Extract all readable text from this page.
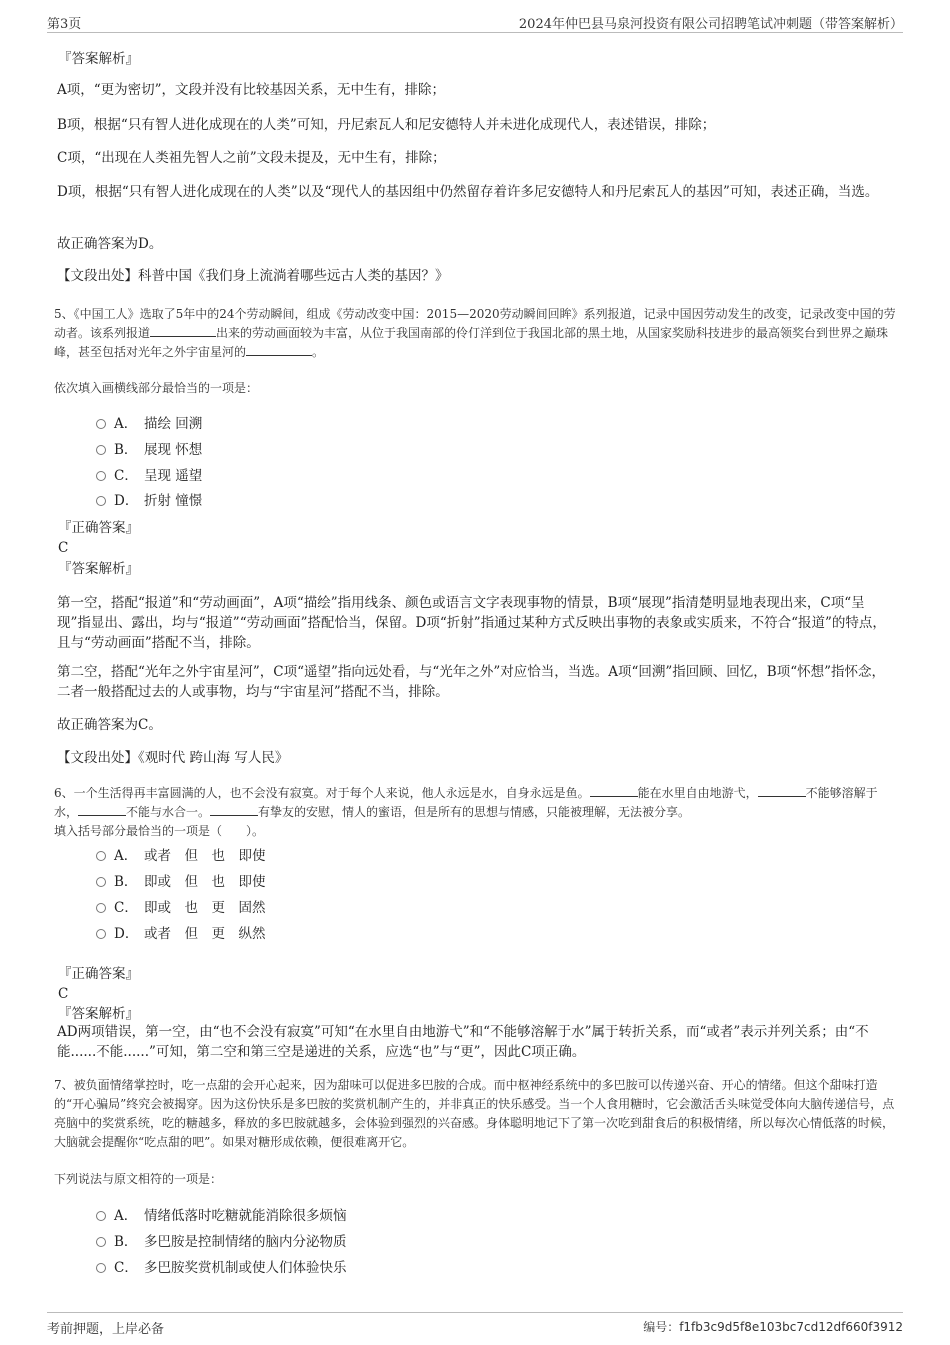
第3页	2024年仲巴县马泉河投资有限公司招聘笔试冲刺题（带答案解析）

『答案解析』

A项，“更为密切”，文段并没有比较基因关系，无中生有，排除；

B项，根据“只有智人进化成现在的人类”可知，丹尼索瓦人和尼安德特人并未进化成现代人，表述错误，排除；

C项，“出现在人类祖先智人之前”文段未提及，无中生有，排除；

D项，根据“只有智人进化成现在的人类”以及“现代人的基因组中仍然留存着许多尼安德特人和丹尼索瓦人的基因”可知，表述正确，当选。

故正确答案为D。

【文段出处】科普中国《我们身上流淌着哪些远古人类的基因？》

5、《中国工人》选取了5年中的24个劳动瞬间，组成《劳动改变中国：2015—2020劳动瞬间回眸》系列报道，记录中国因劳动发生的改变，记录改变中国的劳动者。该系列报道	出来的劳动画面较为丰富，从位于我国南部的伶仃洋到位于我国北部的黑土地，从国家奖励科技进步的最高领奖台到世界之巅珠峰，甚至包括对光年之外宇宙星河的	。

依次填入画横线部分最恰当的一项是：

A． 描绘 回溯
B． 展现 怀想
C． 呈现 遥望
D． 折射 憧憬

『正确答案』

C

『答案解析』

第一空，搭配“报道”和“劳动画面”，A项“描绘”指用线条、颜色或语言文字表现事物的情景，B项“展现”指清楚明显地表现出来，C项“呈现”指显出、露出，均与“报道”“劳动画面”搭配恰当，保留。D项“折射”指通过某种方式反映出事物的表象或实质来，不符合“报道”的特点，且与“劳动画面”搭配不当，排除。

第二空，搭配“光年之外宇宙星河”，C项“遥望”指向远处看，与“光年之外”对应恰当，当选。A项“回溯”指回顾、回忆，B项“怀想”指怀念，二者一般搭配过去的人或事物，均与“宇宙星河”搭配不当，排除。

故正确答案为C。

【文段出处】《观时代 跨山海 写人民》

6、一个生活得再丰富圆满的人，也不会没有寂寞。对于每个人来说，他人永远是水，自身永远是鱼。	能在水里自由地游弋，	不能够溶解于水，	不能与水合一。	有挚友的安慰，情人的蜜语，但是所有的思想与情感，只能被理解，无法被分享。
填入括号部分最恰当的一项是（　　）。

A． 或者　但　也　即使
B． 即或　但　也　即使
C． 即或　也　更　固然
D． 或者　但　更　纵然

『正确答案』

C

『答案解析』

AD两项错误，第一空，由“也不会没有寂寞”可知“在水里自由地游弋”和“不能够溶解于水”属于转折关系，而“或者”表示并列关系；由“不能......不能......”可知，第二空和第三空是递进的关系，应选“也”与“更”，因此C项正确。

7、被负面情绪掌控时，吃一点甜的会开心起来，因为甜味可以促进多巴胺的合成。而中枢神经系统中的多巴胺可以传递兴奋、开心的情绪。但这个甜味打造的“开心骗局”终究会被揭穿。因为这份快乐是多巴胺的奖赏机制产生的，并非真正的快乐感受。当一个人食用糖时，它会激活舌头味觉受体向大脑传递信号，点亮脑中的奖赏系统，吃的糖越多，释放的多巴胺就越多，会体验到强烈的兴奋感。身体聪明地记下了第一次吃到甜食后的积极情绪，所以每次心情低落的时候，大脑就会提醒你“吃点甜的吧”。如果对糖形成依赖，便很难离开它。

下列说法与原文相符的一项是：

A． 情绪低落时吃糖就能消除很多烦恼
B． 多巴胺是控制情绪的脑内分泌物质
C． 多巴胺奖赏机制或使人们体验快乐
考前押题，上岸必备	编号：f1fb3c9d5f8e103bc7cd12df660f3912
